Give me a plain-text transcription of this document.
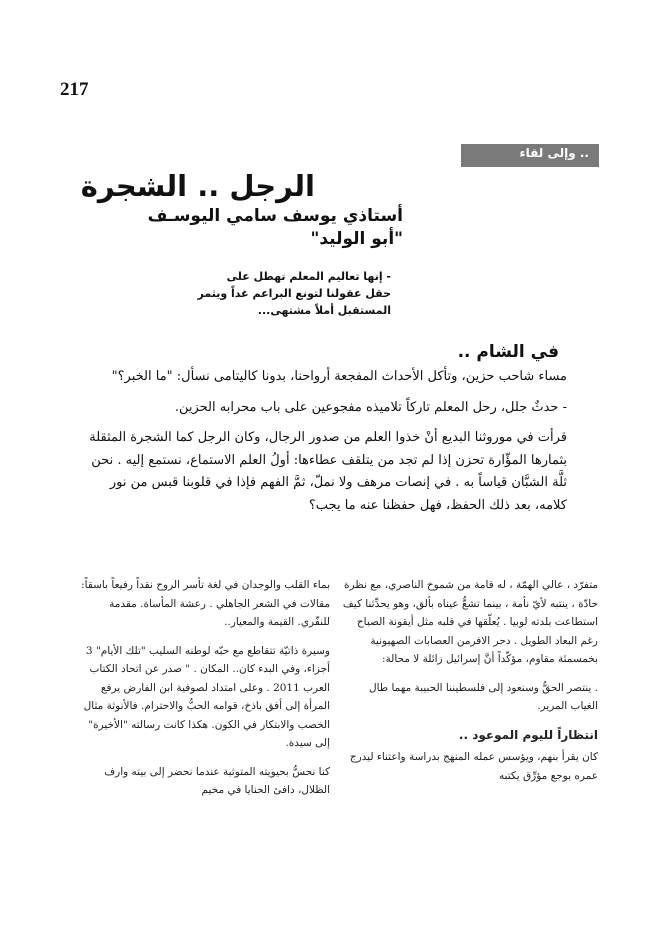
217
.. وإلى لقاء
الرجل .. الشجرة
أستاذي يوسف سامي اليوسـف
"أبو الوليد"
- إنها تعاليم المعلم تهطل على
حقل عقولنا لتونع البراعم غداً ويثمر
المستقبل أملاً مشتهى...
في الشام ..

مساء شاحب حزين، وتأكل الأحداث المفجعة أرواحنا، بدونا كاليتامى نسأل: "ما الخبر؟"

- حدثٌ جلل، رحل المعلم تاركاً تلاميذه مفجوعين على باب محرابه الحزين.

قرأت في موروثنا البديع أنْ خذوا العلم من صدور الرجال، وكان الرجل كما الشجرة المثقلة بثمارها المؤّارة تحزن إذا لم تجد من يتلقف عطاءها: أولُ العلم الاستماع، نستمع إليه . نحن ثلَّة الشبَّان قياساً به . في إنصات مرهف ولا نملّ، ثمَّ الفهم فإذا في قلوبنا قبس من نور كلامه، بعد ذلك الحفظ، فهل حفظنا عنه ما يجب؟

متفرّد ، عالي الهمّة ، له قامة من شموخ الناصري، مع نظرة حادّة ، ينتبه لأيّ نأمة ، بينما تشعُّ عيناه بألق، وهو يحدِّثنا كيف استطاعت بلدته لوبيا . يُعلّقها في قلبه مثل أيقونة الصباح رغم البعاد الطويل . دحر الافرمن العصابات الصهيونية بخمسمئة مقاوم، مؤكّداً أنَّ إسرائيل زائلة لا محالة:

. ينتصر الحقُّ وسنعود إلى فلسطيننا الحبيبة مهما طال الغياب المرير.

انتظاراً لليوم الموعود ..

كان يقرأ بنهم، ويؤسس عمله المنهج بدراسة واعتناء ليدرج عمره بوجع مؤرِّق يكتبه

بماء القلب والوجدان في لغة تأسر الروح نقداً رفيعاً باسقاً: مقالات في الشعر الجاهلي . رعشة المأساة. مقدمة للنفّري. القيمة والمعيار..

وسيرة ذاتيّة تتقاطع مع حبّه لوطنه السليب "تلك الأيام" 3 أجزاء، وفي البدء كان.. المكان . " صدر عن اتحاد الكتاب العرب 2011 . وعلى امتداد لصوفية ابن الفارض يرفع المرأة إلى أفق باذخ، قوامه الحبُّ والاحترام. فالأنوثة مثال الخصب والابتكار في الكون. هكذا كانت رسالته "الأخيرة" إلى سيدة.

كنا نحسُّ بحيويته المتوثبة عندما نحضر إلى بيته وارف الظلال، دافئ الحنايا في مخيم
